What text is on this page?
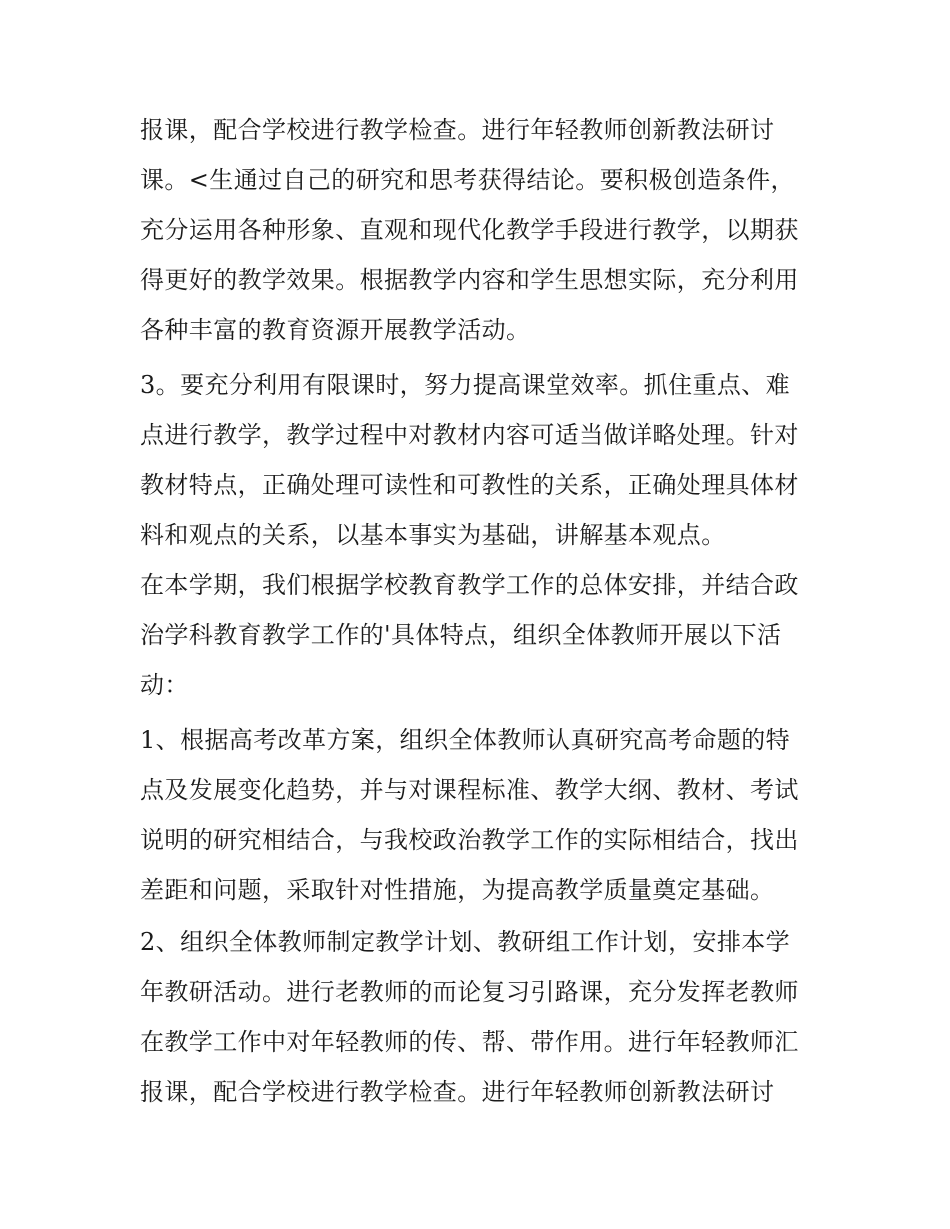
报课，配合学校进行教学检查。进行年轻教师创新教法研讨
课。<生通过自己的研究和思考获得结论。要积极创造条件，
充分运用各种形象、直观和现代化教学手段进行教学，以期获
得更好的教学效果。根据教学内容和学生思想实际，充分利用
各种丰富的教育资源开展教学活动。
3。要充分利用有限课时，努力提高课堂效率。抓住重点、难
点进行教学，教学过程中对教材内容可适当做详略处理。针对
教材特点，正确处理可读性和可教性的关系，正确处理具体材
料和观点的关系，以基本事实为基础，讲解基本观点。
在本学期，我们根据学校教育教学工作的总体安排，并结合政
治学科教育教学工作的'具体特点，组织全体教师开展以下活
动：
1、根据高考改革方案，组织全体教师认真研究高考命题的特
点及发展变化趋势，并与对课程标准、教学大纲、教材、考试
说明的研究相结合，与我校政治教学工作的实际相结合，找出
差距和问题，采取针对性措施，为提高教学质量奠定基础。
2、组织全体教师制定教学计划、教研组工作计划，安排本学
年教研活动。进行老教师的而论复习引路课，充分发挥老教师
在教学工作中对年轻教师的传、帮、带作用。进行年轻教师汇
报课，配合学校进行教学检查。进行年轻教师创新教法研讨
